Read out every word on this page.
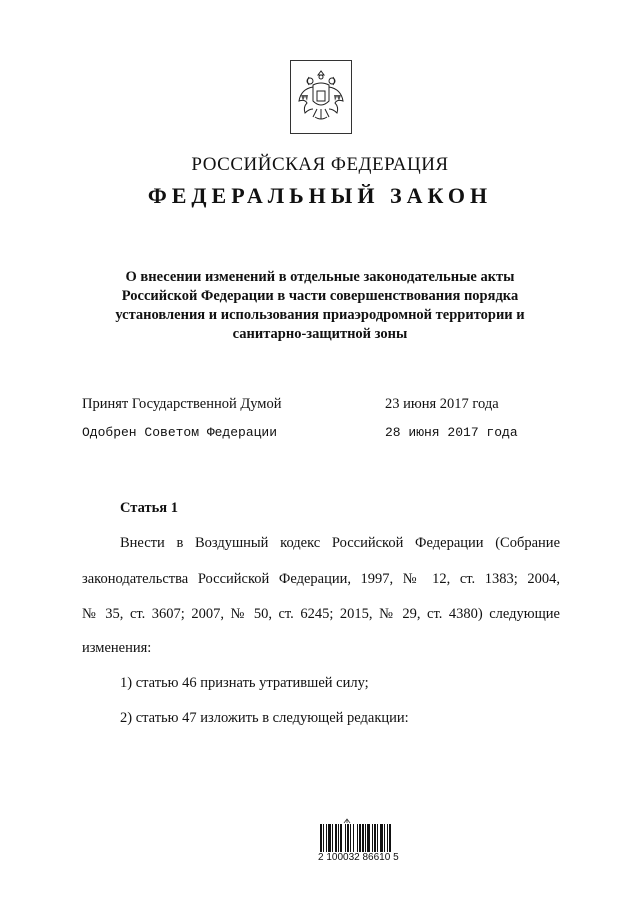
РОССИЙСКАЯ ФЕДЕРАЦИЯ
ФЕДЕРАЛЬНЫЙ ЗАКОН
О внесении изменений в отдельные законодательные акты
Российской Федерации в части совершенствования порядка
установления и использования приаэродромной территории и
санитарно-защитной зоны
Принят Государственной Думой	23 июня 2017 года
Одобрен Советом Федерации	28 июня 2017 года
Статья 1
Внести в Воздушный кодекс Российской Федерации (Собрание
законодательства Российской Федерации, 1997, № 12, ст. 1383; 2004,
№ 35, ст. 3607; 2007, № 50, ст. 6245; 2015, № 29, ст. 4380) следующие
изменения:
1) статью 46 признать утратившей силу;
2) статью 47 изложить в следующей редакции:
2 100032 86610 5
